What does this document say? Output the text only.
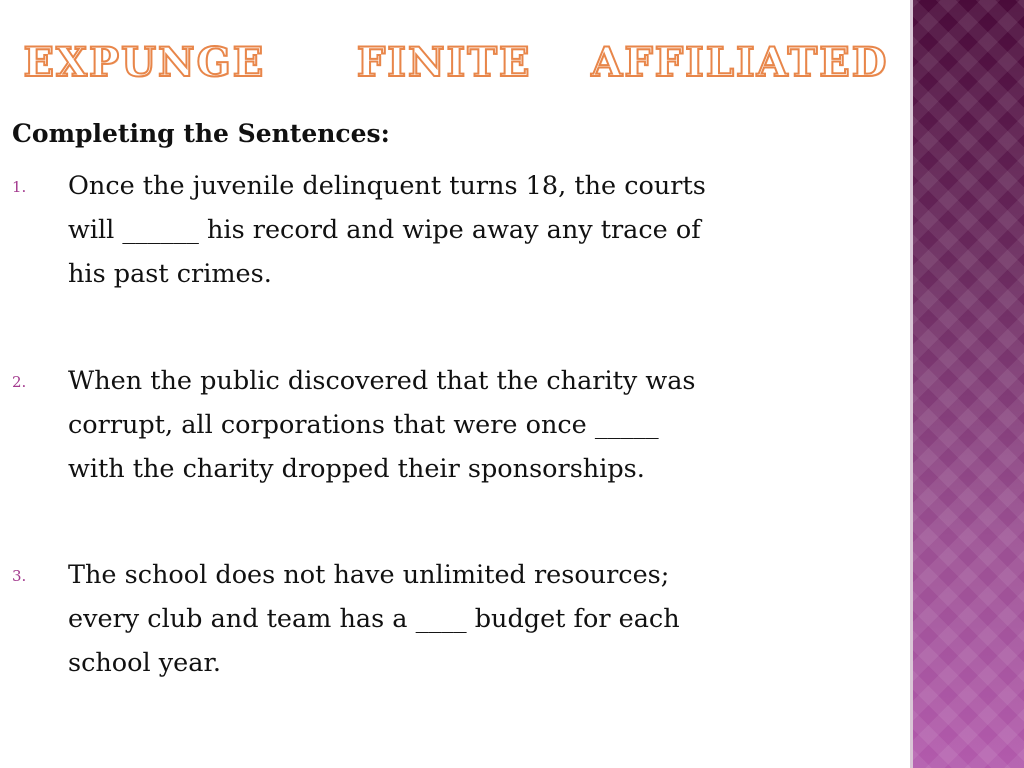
EXPUNGE FINITE AFFILIATED
Completing the Sentences:
1. Once the juvenile delinquent turns 18, the courts
will ______ his record and wipe away any trace of
his past crimes.
2. When the public discovered that the charity was
corrupt, all corporations that were once _____
with the charity dropped their sponsorships.
3. The school does not have unlimited resources;
every club and team has a ____ budget for each
school year.
